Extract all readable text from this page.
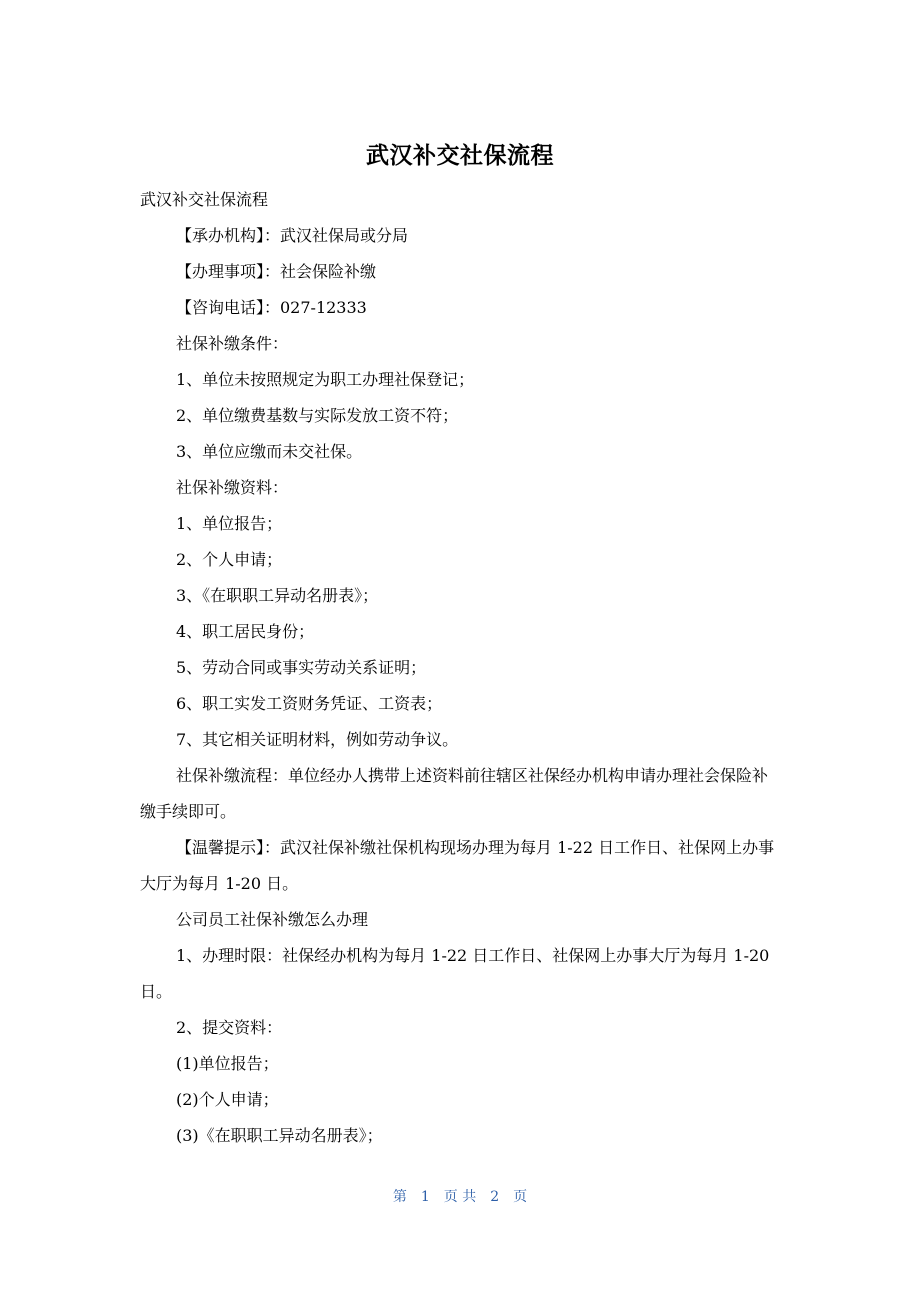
武汉补交社保流程

武汉补交社保流程

【承办机构】：武汉社保局或分局

【办理事项】：社会保险补缴

【咨询电话】：027-12333

社保补缴条件：

1、单位未按照规定为职工办理社保登记；

2、单位缴费基数与实际发放工资不符；

3、单位应缴而未交社保。

社保补缴资料：

1、单位报告；

2、个人申请；

3、《在职职工异动名册表》；

4、职工居民身份；

5、劳动合同或事实劳动关系证明；

6、职工实发工资财务凭证、工资表；

7、其它相关证明材料，例如劳动争议。

社保补缴流程：单位经办人携带上述资料前往辖区社保经办机构申请办理社会保险补缴手续即可。

【温馨提示】：武汉社保补缴社保机构现场办理为每月 1-22 日工作日、社保网上办事大厅为每月 1-20 日。

公司员工社保补缴怎么办理

1、办理时限：社保经办机构为每月 1-22 日工作日、社保网上办事大厅为每月 1-20 日。

2、提交资料：

(1)单位报告；

(2)个人申请；

(3)《在职职工异动名册表》；

第 1 页 共 2 页
